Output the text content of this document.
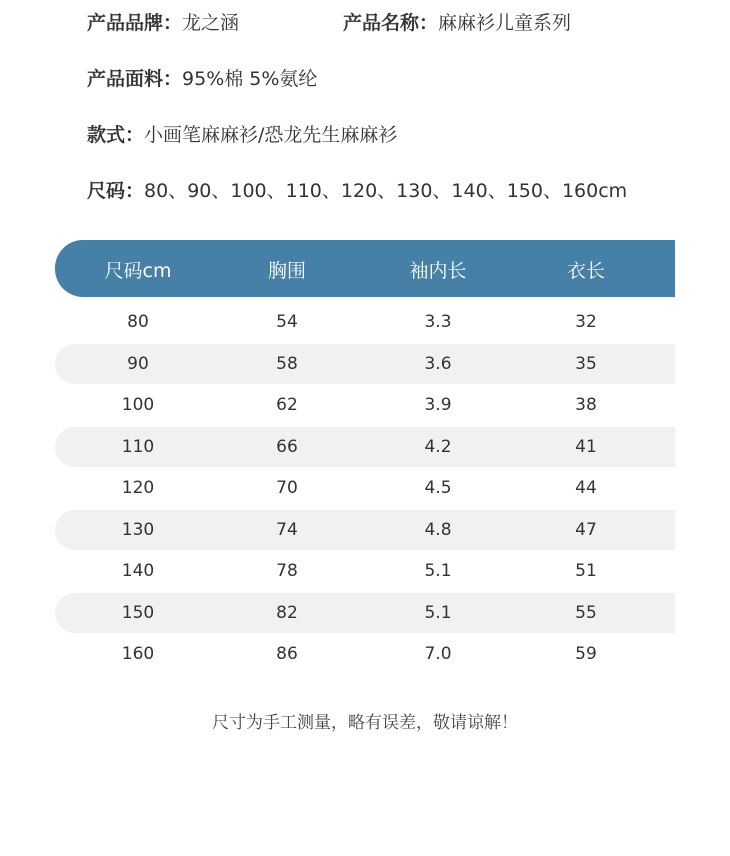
产品品牌：龙之涵	产品名称：麻麻衫儿童系列
产品面料：95%棉 5%氨纶
款式：小画笔麻麻衫/恐龙先生麻麻衫
尺码：80、90、100、110、120、130、140、150、160cm
尺码cm	胸围	袖内长	衣长
80	54	3.3	32
90	58	3.6	35
100	62	3.9	38
110	66	4.2	41
120	70	4.5	44
130	74	4.8	47
140	78	5.1	51
150	82	5.1	55
160	86	7.0	59
尺寸为手工测量，略有误差，敬请谅解！
